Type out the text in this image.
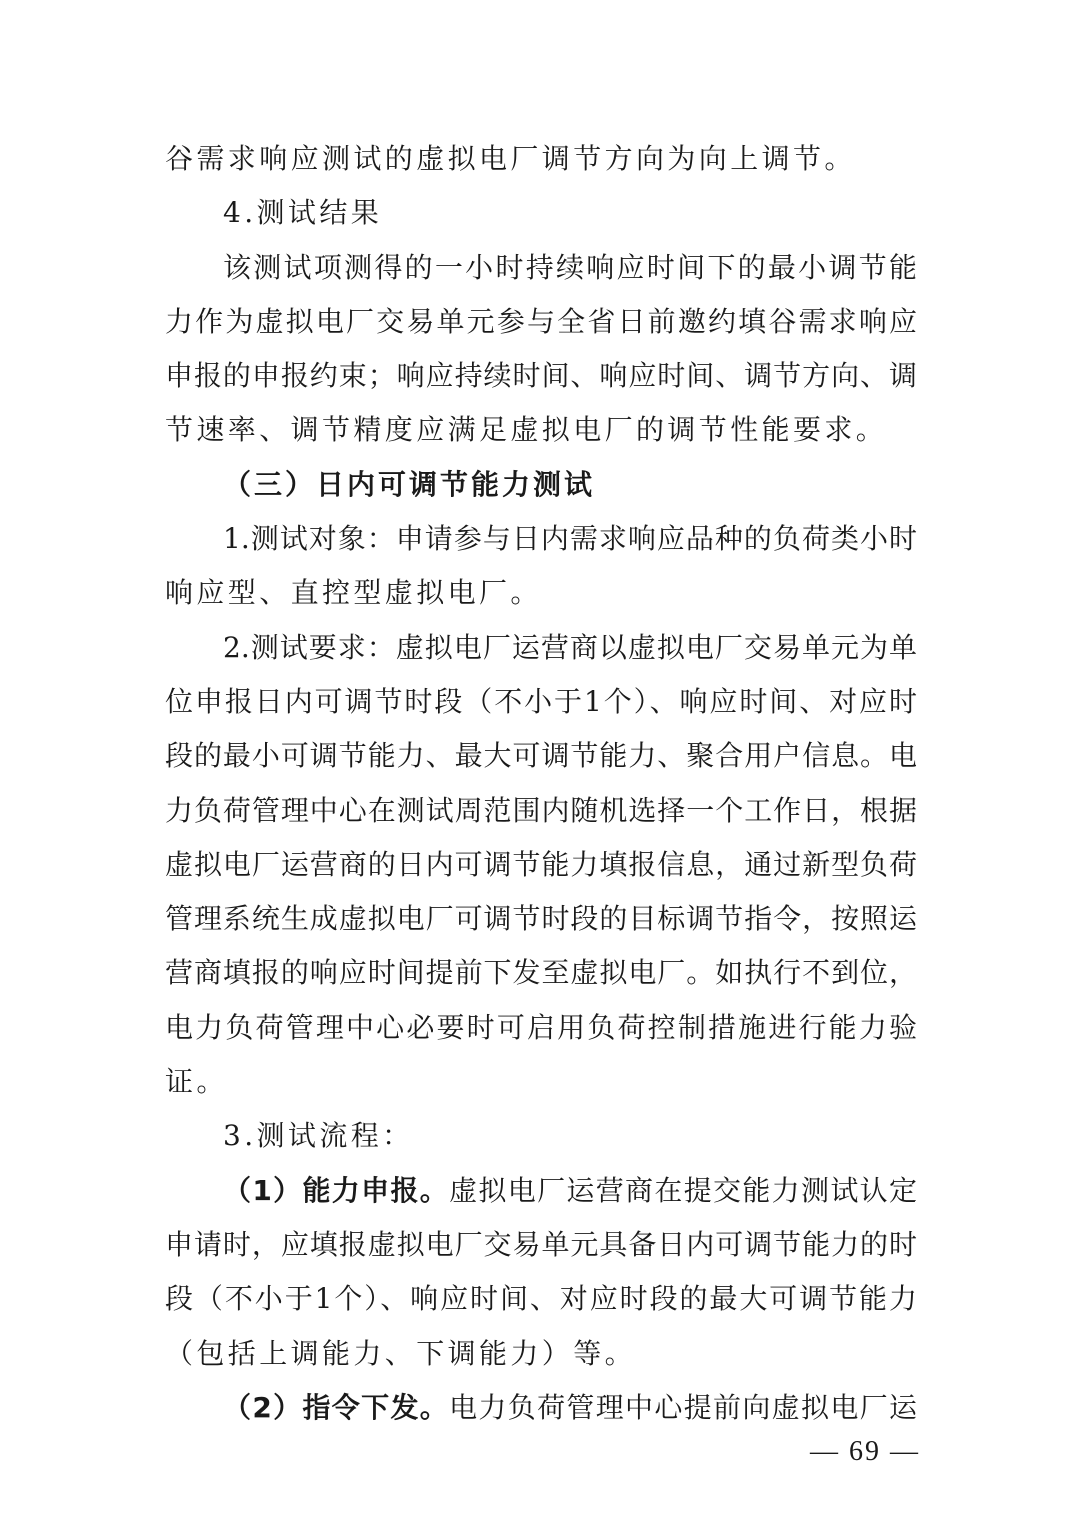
谷需求响应测试的虚拟电厂调节方向为向上调节。
4.测试结果
该测试项测得的一小时持续响应时间下的最小调节能
力作为虚拟电厂交易单元参与全省日前邀约填谷需求响应
申报的申报约束；响应持续时间、响应时间、调节方向、调
节速率、调节精度应满足虚拟电厂的调节性能要求。
（三）日内可调节能力测试
1.测试对象：申请参与日内需求响应品种的负荷类小时
响应型、直控型虚拟电厂。
2.测试要求：虚拟电厂运营商以虚拟电厂交易单元为单
位申报日内可调节时段（不小于1个）、响应时间、对应时
段的最小可调节能力、最大可调节能力、聚合用户信息。电
力负荷管理中心在测试周范围内随机选择一个工作日，根据
虚拟电厂运营商的日内可调节能力填报信息，通过新型负荷
管理系统生成虚拟电厂可调节时段的目标调节指令，按照运
营商填报的响应时间提前下发至虚拟电厂。如执行不到位，
电力负荷管理中心必要时可启用负荷控制措施进行能力验
证。
3.测试流程：
（1）能力申报。虚拟电厂运营商在提交能力测试认定
申请时，应填报虚拟电厂交易单元具备日内可调节能力的时
段（不小于1个）、响应时间、对应时段的最大可调节能力
（包括上调能力、下调能力）等。
（2）指令下发。电力负荷管理中心提前向虚拟电厂运
— 69 —
